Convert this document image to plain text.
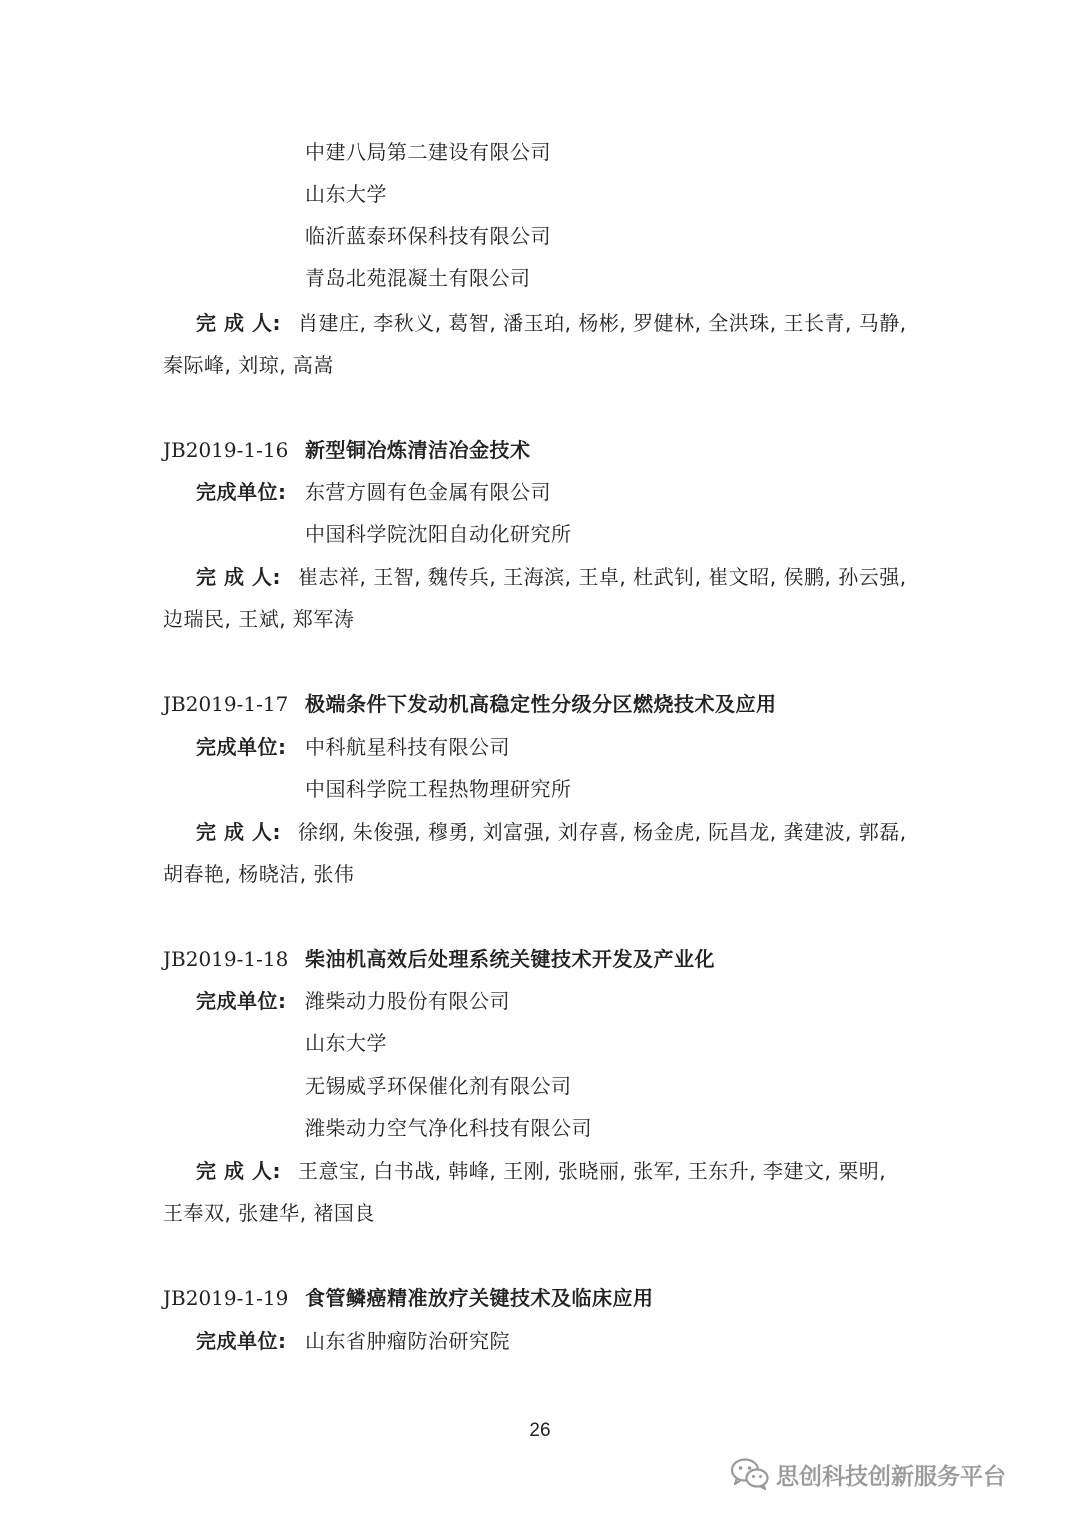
中建八局第二建设有限公司
山东大学
临沂蓝泰环保科技有限公司
青岛北苑混凝土有限公司
完 成 人: 肖建庄, 李秋义, 葛智, 潘玉珀, 杨彬, 罗健林, 全洪珠, 王长青, 马静,
秦际峰, 刘琼, 高嵩
JB2019-1-16 新型铜冶炼清洁冶金技术
完成单位: 东营方圆有色金属有限公司
中国科学院沈阳自动化研究所
完 成 人: 崔志祥, 王智, 魏传兵, 王海滨, 王卓, 杜武钊, 崔文昭, 侯鹏, 孙云强,
边瑞民, 王斌, 郑军涛
JB2019-1-17 极端条件下发动机高稳定性分级分区燃烧技术及应用
完成单位: 中科航星科技有限公司
中国科学院工程热物理研究所
完 成 人: 徐纲, 朱俊强, 穆勇, 刘富强, 刘存喜, 杨金虎, 阮昌龙, 龚建波, 郭磊,
胡春艳, 杨晓洁, 张伟
JB2019-1-18 柴油机高效后处理系统关键技术开发及产业化
完成单位: 潍柴动力股份有限公司
山东大学
无锡威孚环保催化剂有限公司
潍柴动力空气净化科技有限公司
完 成 人: 王意宝, 白书战, 韩峰, 王刚, 张晓丽, 张军, 王东升, 李建文, 栗明,
王奉双, 张建华, 褚国良
JB2019-1-19 食管鳞癌精准放疗关键技术及临床应用
完成单位: 山东省肿瘤防治研究院
26
思创科技创新服务平台
